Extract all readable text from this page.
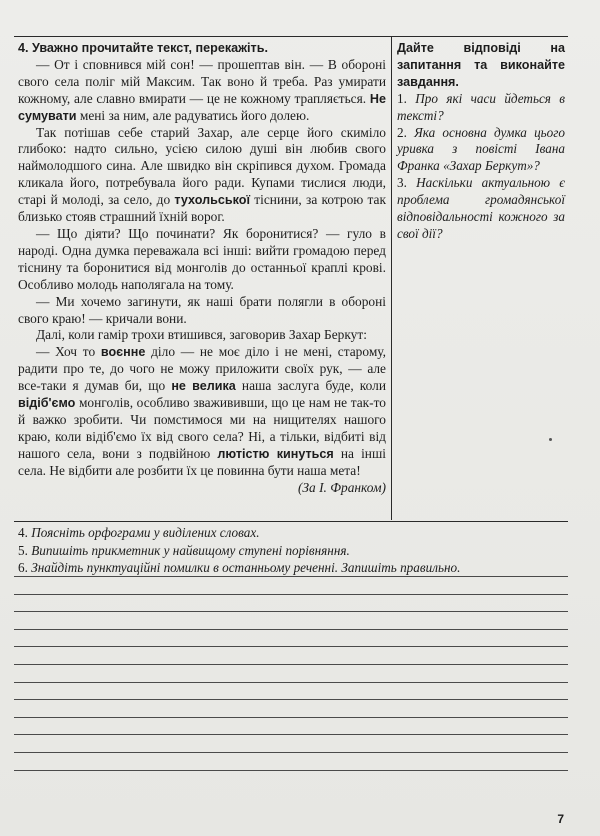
4. Уважно прочитайте текст, перекажіть.

— От і сповнився мій сон! — прошептав він. — В обороні свого села поліг мій Максим. Так воно й треба. Раз умирати кожному, але славно вмирати — це не кожному трапляється. Не сумувати мені за ним, але радуватись його долею.

Так потішав себе старий Захар, але серце його скиміло глибоко: надто сильно, усією силою душі він любив свого наймолодшого сина. Але швидко він скріпився духом. Громада кликала його, потребувала його ради. Купами тислися люди, старі й молоді, за село, до тухольської тіснини, за котрою так близько стояв страшний їхній ворог.

— Що діяти? Що починати? Як боронитися? — гуло в народі. Одна думка переважала всі інші: вийти громадою перед тіснину та боронитися від монголів до останньої краплі крові. Особливо молодь наполягала на тому.

— Ми хочемо загинути, як наші брати полягли в обороні свого краю! — кричали вони.

Далі, коли гамір трохи втишився, заговорив Захар Беркут:

— Хоч то воєнне діло — не моє діло і не мені, старому, радити про те, до чого не можу приложити своїх рук, — але все-таки я думав би, що не велика наша заслуга буде, коли відіб'ємо монголів, особливо зважививши, що це нам не так-то й важко зробити. Чи помстимося ми на нищителях нашого краю, коли відіб'ємо їх від свого села? Ні, а тільки, відбиті від нашого села, вони з подвійною лютістю кинуться на інші села. Не відбити але розбити їх це повинна бути наша мета!

(За І. Франком)

Дайте відповіді на запитання та виконайте завдання.

1. Про які часи йдеться в тексті?

2. Яка основна думка цього уривка з повісті Івана Франка «Захар Беркут»?

3. Наскільки актуальною є проблема громадянської відповідальності кожного за свої дії?

4. Поясніть орфограми у виділених словах.

5. Випишіть прикметник у найвищому ступені порівняння.

6. Знайдіть пунктуаційні помилки в останньому реченні. Запишіть правильно.

7
